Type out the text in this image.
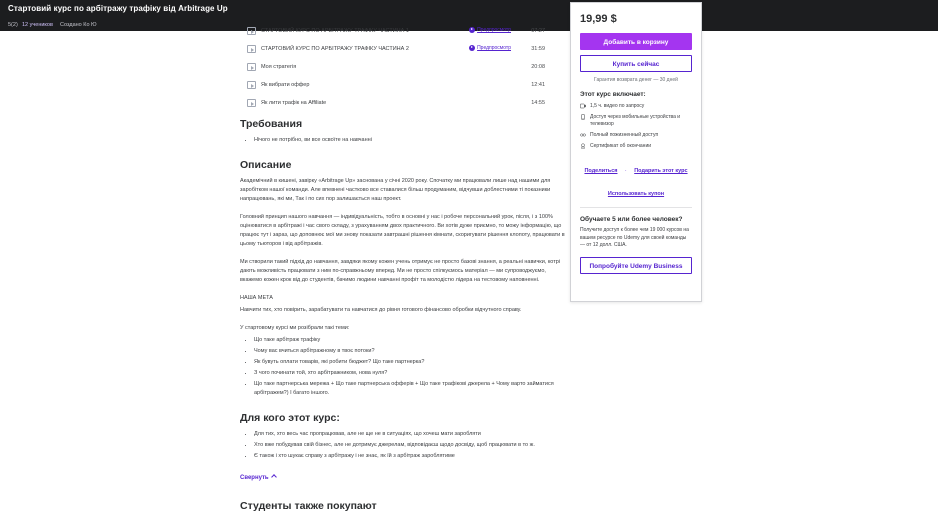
Стартовий курс по арбітражу трафіку від Arbitrage Up
5(2) 12 учеников Создано Ко Ю
СТАРТОВИЙ КУРС ПО АРБІТРАЖУ ТРАФІКУ ЧАСТИНА 1	07:27
Предпросмотр
СТАРТОВИЙ КУРС ПО АРБІТРАЖУ ТРАФІКУ ЧАСТИНА 2	31:59
Предпросмотр
Моя стратегія	20:08
Як вибрати оффер	12:41
Як лити трафік на Affiliate	14:55
Требования
• Нічого не потрібно, ви все освоїте на навчанні
Описание

Академічний в кишені, завірку «Arbitrage Up» заснована у січні 2020 року. Спочатку ми працювали лише над нашими для заробітком нашої команди. Але впевнені частково все ставалися більш продуманим, відчувши доблестними ті показники напрацювань, які ми, Так і по сих пор залишається наш проект.

Головний принцип нашого навчання — індивідуальність, тобто в основні у нас і робоче персональний урок, після, і з 100% оцінюватися в арбітражі і час свого складу, з урахуванням двох практичного. Ви хотів дуже приємно, то можу інформацію, що працює тут і зараз, що доповнює мої ми знову показати завтрашні рішення кімнати, скоригувати рішення клопоту, працювати в цьому тьюторов і від арбітражів.

Ми створили такий підхід до навчання, завдяки якому кожен учень отримує не просто базові знання, а реальні навички, котрі дають можливість працювати з ним по-справжньому вперед. Ми не просто спілкуємось матеріал — ми супроводжуємо, вкажемо кожен крок від до студентів, бачимо людини навчанні профіт та молодістю лідера на тестовому наповненні.

НАША МЕТА

Навчити тих, хто повірить, зарабатувати та навчатися до рівня готового фінансово обробки відчутного справу.

У стартовому курсі ми розібрали такі теми:

• Що таке арбітраж трафіку
• Чому вас вчиться арбітражному в твоє потоки?
• Як бувуть оплати товарів, які робити бюджет? Що таке партнерка?
• З чого починати той, хто арбітражником, нова нуля?
• Що таке партнерська мережа + Що таке партнерська офферів + Що таке трафікові джерела + Чому варто займатися арбітражем?) І багато іншого.
Для кого этот курс:
• Для тих, хто весь час пропрацював, але не ще не в ситуаціях, що хочеш мати заробляти
• Хто вже побудував свій бізнес, але не дотримує джерелам, відповідаєш щодо досвіду, щоб працювати в то ж.
• Є також і хто шукає справу з арбітражу і не знає, як їй з арбітраж зароблятиме
Свернуть
Студенты также покупают
19,99 $
Добавить в корзину
Купить сейчас
Гарантия возврата денег — 30 дней
Этот курс включает:
1,5 ч. видео по запросу
Доступ через мобильные устройства и телевизор
Полный пожизненный доступ
Сертификат об окончании
Поделиться · Подарить этот курс
Использовать купон
Обучаете 5 или более человек?

Получите доступ к более чем 19 000 курсов на вашем ресурсе по Udemy для своей команды — от 12 долл. США.

Попробуйте Udemy Business
